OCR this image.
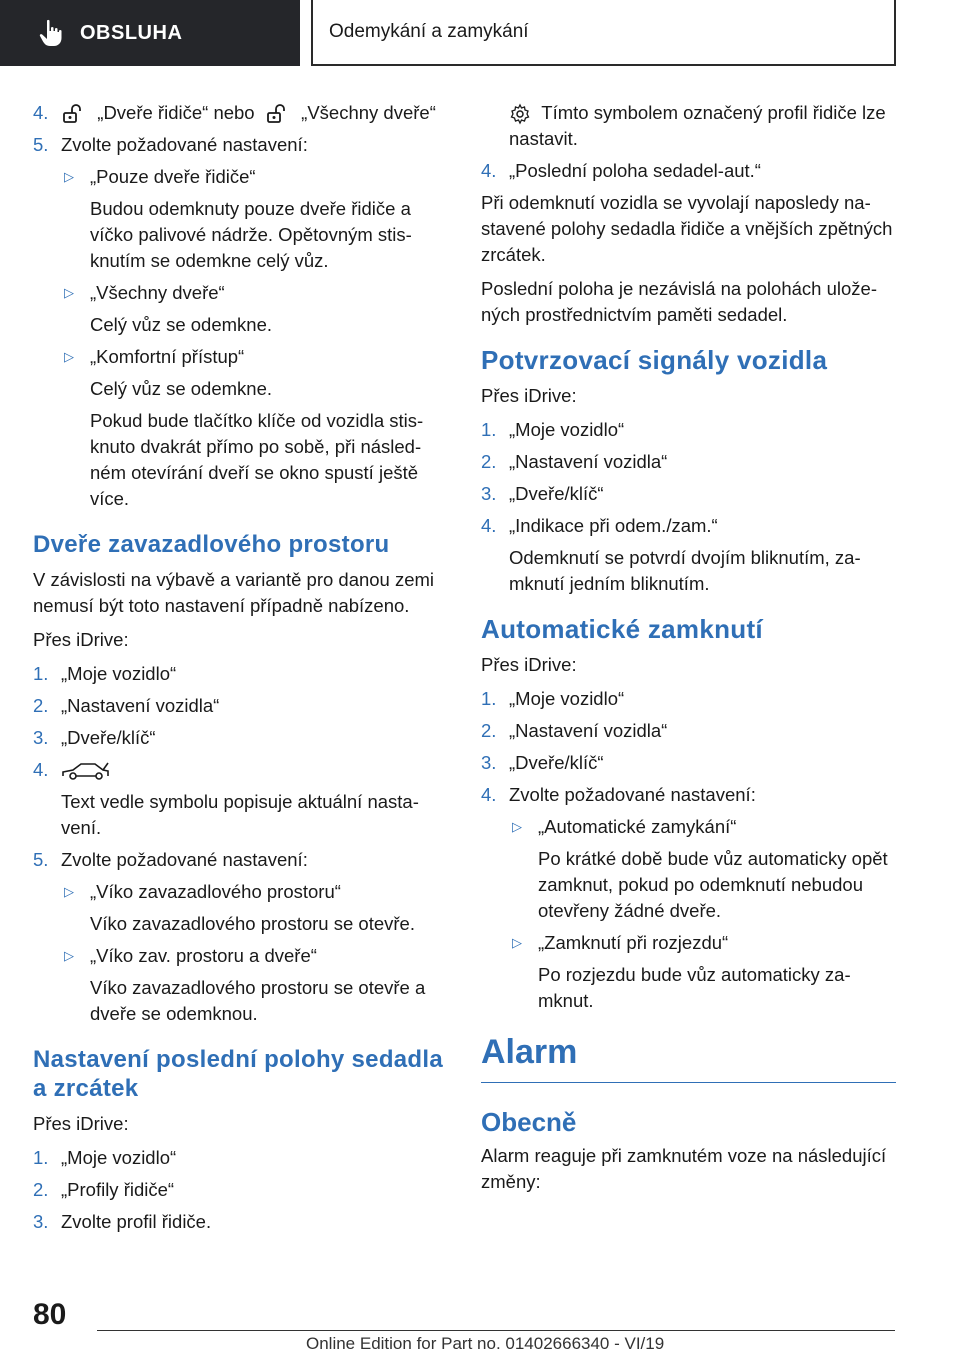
OBSLUHA	Odemykání a zamykání
4.	„Dveře řidiče“ nebo	„Všechny dveře“
5. Zvolte požadované nastavení:
▷ „Pouze dveře řidiče“
Budou odemknuty pouze dveře řidiče a víčko palivové nádrže. Opětovným stisknutím se odemkne celý vůz.
▷ „Všechny dveře“
Celý vůz se odemkne.
▷ „Komfortní přístup“
Celý vůz se odemkne.
Pokud bude tlačítko klíče od vozidla stisknuto dvakrát přímo po sobě, při následném otevírání dveří se okno spustí ještě více.
Dveře zavazadlového prostoru
V závislosti na výbavě a variantě pro danou zemi nemusí být toto nastavení případně nabízeno.
Přes iDrive:
1. „Moje vozidlo“
2. „Nastavení vozidla“
3. „Dveře/klíč“
4.
Text vedle symbolu popisuje aktuální nastavení.
5. Zvolte požadované nastavení:
▷ „Víko zavazadlového prostoru“
Víko zavazadlového prostoru se otevře.
▷ „Víko zav. prostoru a dveře“
Víko zavazadlového prostoru se otevře a dveře se odemknou.
Nastavení poslední polohy sedadla a zrcátek
Přes iDrive:
1. „Moje vozidlo“
2. „Profily řidiče“
3. Zvolte profil řidiče.
Tímto symbolem označený profil řidiče lze nastavit.
4. „Poslední poloha sedadel-aut.“
Při odemknutí vozidla se vyvolají naposledy nastavené polohy sedadla řidiče a vnějších zpětných zrcátek.
Poslední poloha je nezávislá na polohách uložených prostřednictvím paměti sedadel.
Potvrzovací signály vozidla
Přes iDrive:
1. „Moje vozidlo“
2. „Nastavení vozidla“
3. „Dveře/klíč“
4. „Indikace při odem./zam.“
Odemknutí se potvrdí dvojím bliknutím, zamknutí jedním bliknutím.
Automatické zamknutí
Přes iDrive:
1. „Moje vozidlo“
2. „Nastavení vozidla“
3. „Dveře/klíč“
4. Zvolte požadované nastavení:
▷ „Automatické zamykání“
Po krátké době bude vůz automaticky opět zamknut, pokud po odemknutí nebudou otevřeny žádné dveře.
▷ „Zamknutí při rozjezdu“
Po rozjezdu bude vůz automaticky zamknut.
Alarm
Obecně
Alarm reaguje při zamknutém voze na následující změny:
80
Online Edition for Part no. 01402666340 - VI/19
